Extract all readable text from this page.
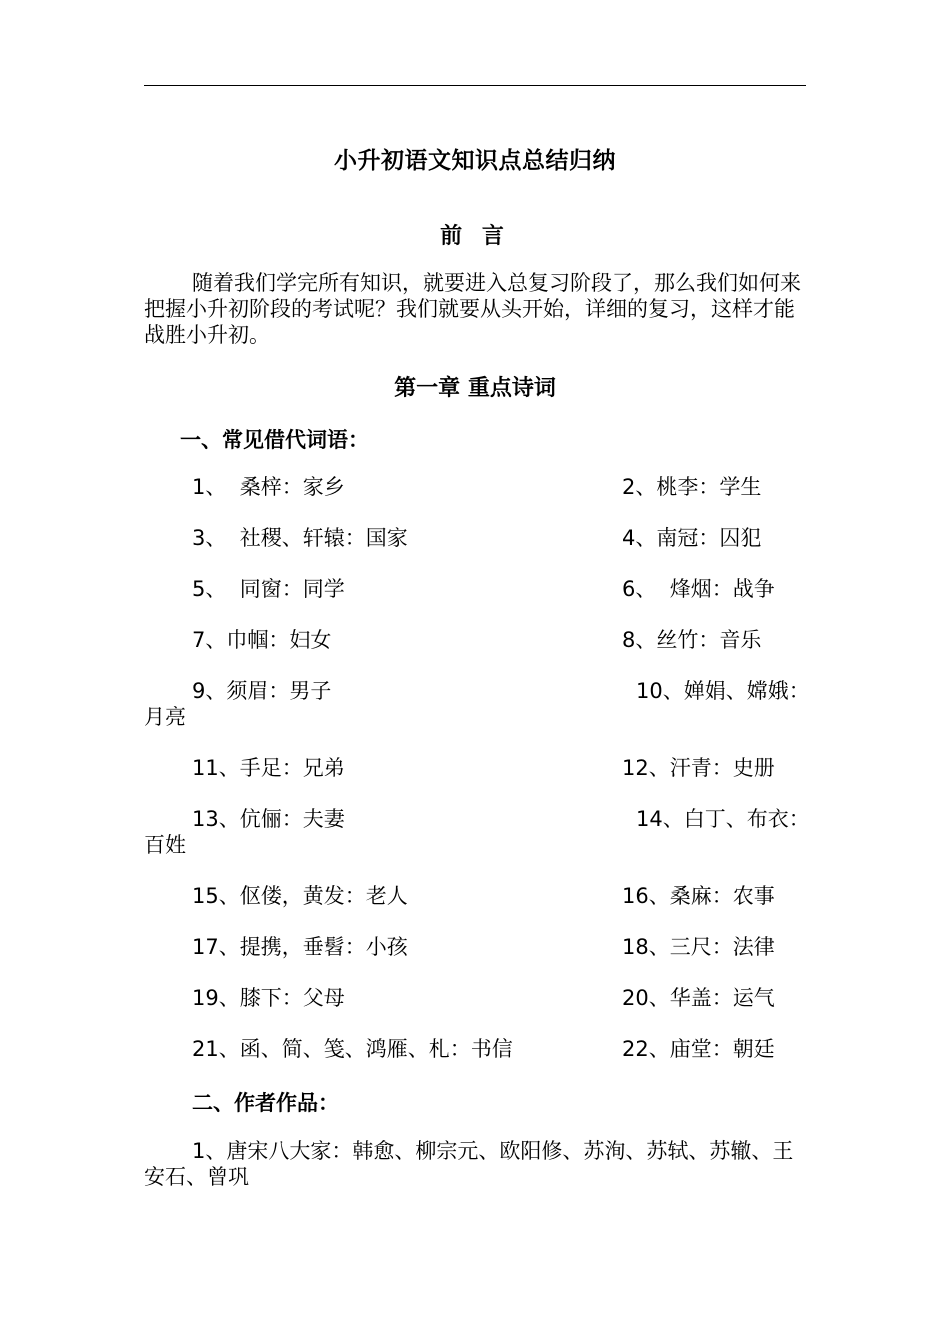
小升初语文知识点总结归纳
前 言

随着我们学完所有知识，就要进入总复习阶段了，那么我们如何来把握小升初阶段的考试呢？我们就要从头开始，详细的复习，这样才能战胜小升初。

第一章 重点诗词
一、常见借代词语：
1、  桑梓：家乡	2、桃李：学生
3、  社稷、轩辕：国家	4、南冠：囚犯
5、  同窗：同学	6、  烽烟：战争
7、巾帼：妇女	8、丝竹：音乐
9、须眉：男子	10、婵娟、嫦娥：
月亮
11、手足：兄弟	12、汗青：史册
13、伉俪：夫妻	14、白丁、布衣：
百姓
15、伛偻，黄发：老人	16、桑麻：农事
17、提携，垂髫：小孩	18、三尺：法律
19、膝下：父母	20、华盖：运气
21、函、简、笺、鸿雁、札：书信	22、庙堂：朝廷
二、作者作品：

1、唐宋八大家：韩愈、柳宗元、欧阳修、苏洵、苏轼、苏辙、王安石、曾巩
